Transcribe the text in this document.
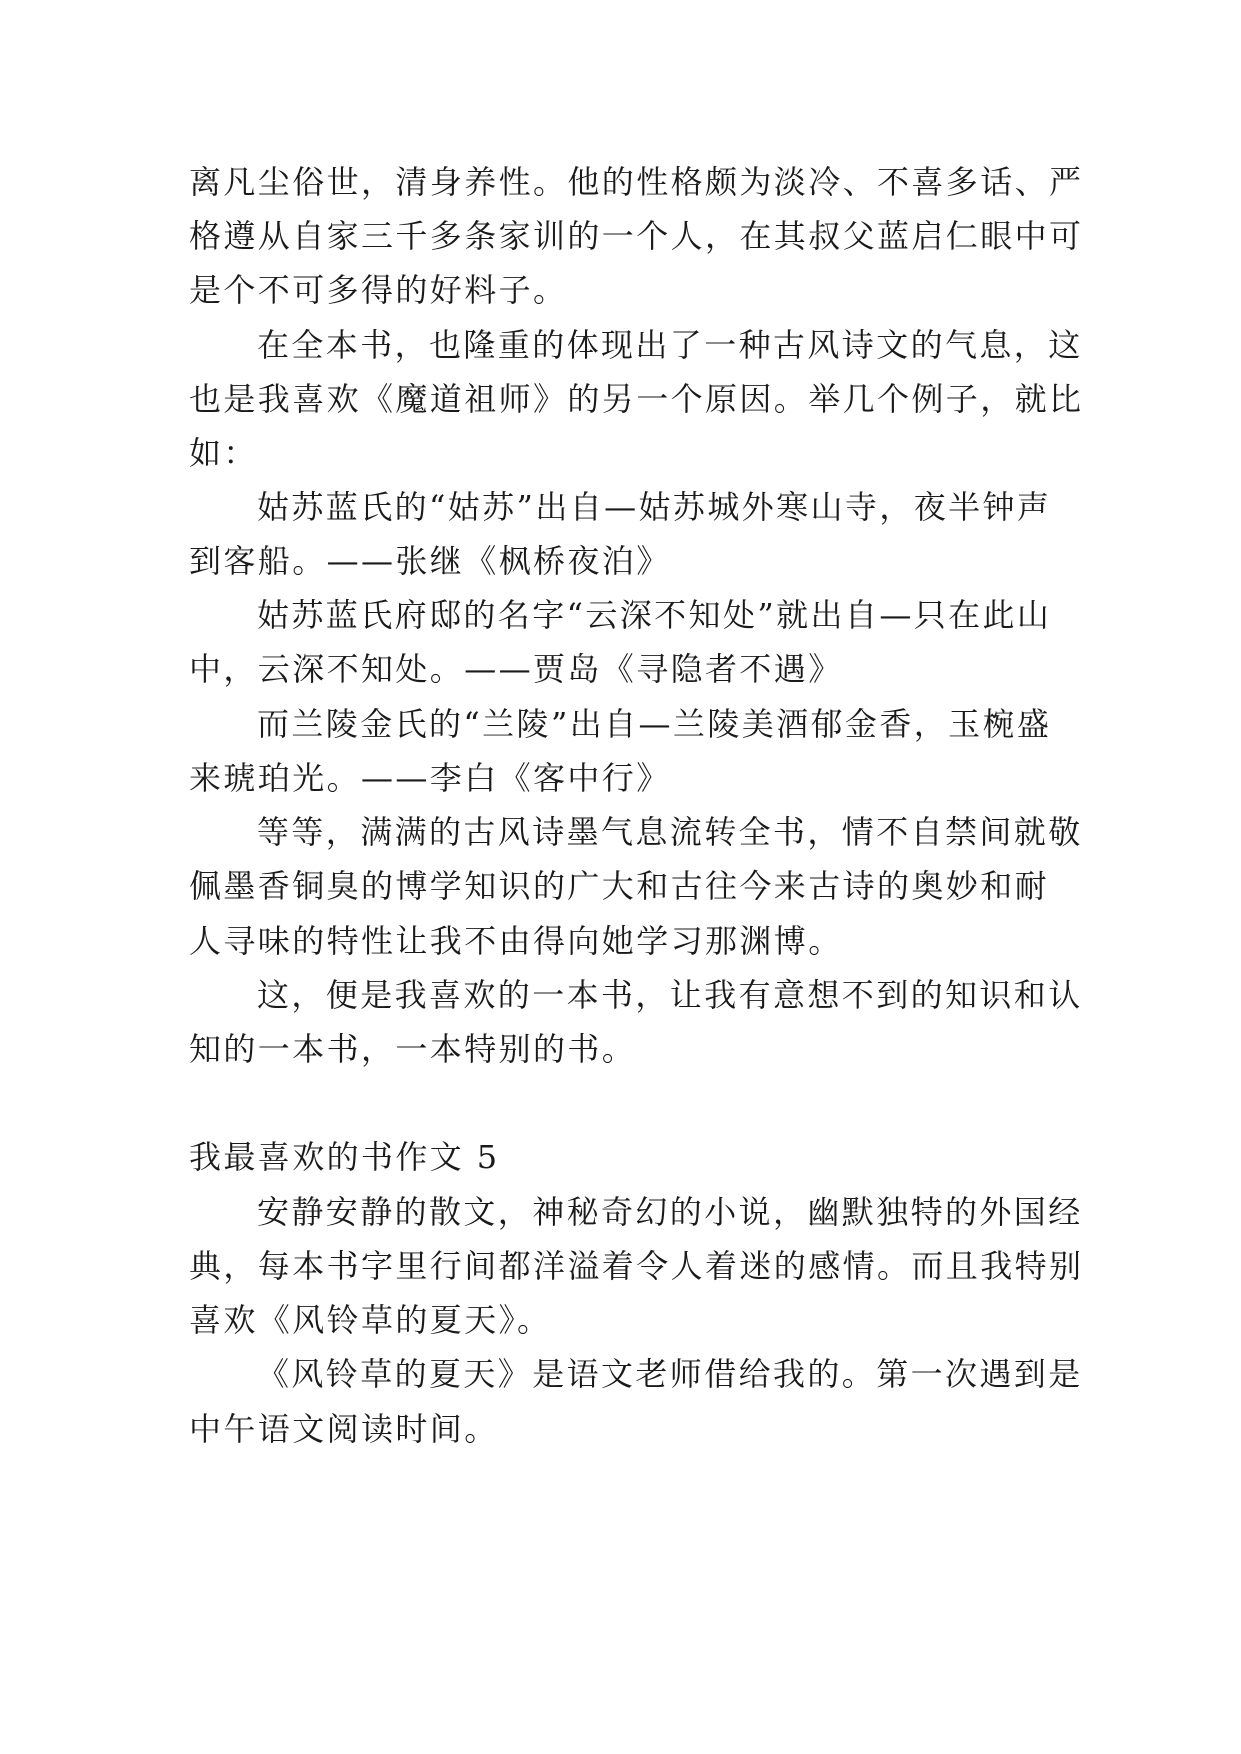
离凡尘俗世，清身养性。他的性格颇为淡冷、不喜多话、严
格遵从自家三千多条家训的一个人，在其叔父蓝启仁眼中可
是个不可多得的好料子。
在全本书，也隆重的体现出了一种古风诗文的气息，这
也是我喜欢《魔道祖师》的另一个原因。举几个例子，就比
如：
姑苏蓝氏的“姑苏”出自—姑苏城外寒山寺，夜半钟声
到客船。——张继《枫桥夜泊》
姑苏蓝氏府邸的名字“云深不知处”就出自—只在此山
中，云深不知处。——贾岛《寻隐者不遇》
而兰陵金氏的“兰陵”出自—兰陵美酒郁金香，玉椀盛
来琥珀光。——李白《客中行》
等等，满满的古风诗墨气息流转全书，情不自禁间就敬
佩墨香铜臭的博学知识的广大和古往今来古诗的奥妙和耐
人寻味的特性让我不由得向她学习那渊博。
这，便是我喜欢的一本书，让我有意想不到的知识和认
知的一本书，一本特别的书。
我最喜欢的书作文 5
安静安静的散文，神秘奇幻的小说，幽默独特的外国经
典，每本书字里行间都洋溢着令人着迷的感情。而且我特别
喜欢《风铃草的夏天》。
《风铃草的夏天》是语文老师借给我的。第一次遇到是
中午语文阅读时间。
